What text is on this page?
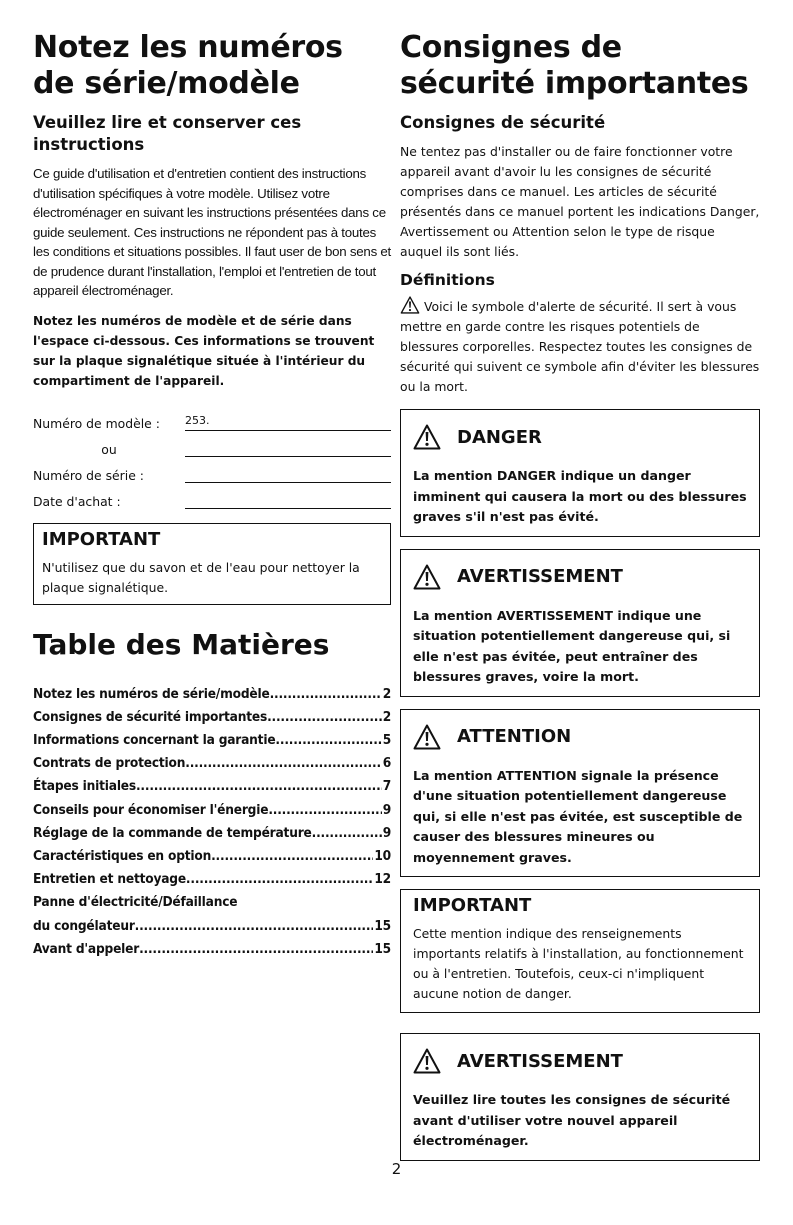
Notez les numéros de série/modèle
Veuillez lire et conserver ces instructions

Ce guide d'utilisation et d'entretien contient des instructions d'utilisation spécifiques à votre modèle. Utilisez votre électroménager en suivant les instructions présentées dans ce guide seulement. Ces instructions ne répondent pas à toutes les conditions et situations possibles. Il faut user de bon sens et de prudence durant l'installation, l'emploi et l'entretien de tout appareil électroménager.

Notez les numéros de modèle et de série dans l'espace ci-dessous. Ces informations se trouvent sur la plaque signalétique située à l'intérieur du compartiment de l'appareil.

Numéro de modèle :	253.
ou
Numéro de série :
Date d'achat :
IMPORTANT

N'utilisez que du savon et de l'eau pour nettoyer la plaque signalétique.

Table des Matières
Notez les numéros de série/modèle .....	2
Consignes de sécurité importantes .....	2
Informations concernant la garantie .....	5
Contrats de protection .....	6
Étapes initiales .....	7
Conseils pour économiser l'énergie .....	9
Réglage de la commande de température .....	9
Caractéristiques en option .....	10
Entretien et nettoyage .....	12
Panne d'électricité/Défaillance
du congélateur .....	15
Avant d'appeler .....	15
Consignes de sécurité importantes
Consignes de sécurité

Ne tentez pas d'installer ou de faire fonctionner votre appareil avant d'avoir lu les consignes de sécurité comprises dans ce manuel. Les articles de sécurité présentés dans ce manuel portent les indications Danger, Avertissement ou Attention selon le type de risque auquel ils sont liés.

Définitions

Voici le symbole d'alerte de sécurité. Il sert à vous mettre en garde contre les risques potentiels de blessures corporelles. Respectez toutes les consignes de sécurité qui suivent ce symbole afin d'éviter les blessures ou la mort.

DANGER

La mention DANGER indique un danger imminent qui causera la mort ou des blessures graves s'il n'est pas évité.

AVERTISSEMENT

La mention AVERTISSEMENT indique une situation potentiellement dangereuse qui, si elle n'est pas évitée, peut entraîner des blessures graves, voire la mort.

ATTENTION

La mention ATTENTION signale la présence d'une situation potentiellement dangereuse qui, si elle n'est pas évitée, est susceptible de causer des blessures mineures ou moyennement graves.

IMPORTANT

Cette mention indique des renseignements importants relatifs à l'installation, au fonctionnement ou à l'entretien. Toutefois, ceux-ci n'impliquent aucune notion de danger.

AVERTISSEMENT

Veuillez lire toutes les consignes de sécurité avant d'utiliser votre nouvel appareil électroménager.

2
